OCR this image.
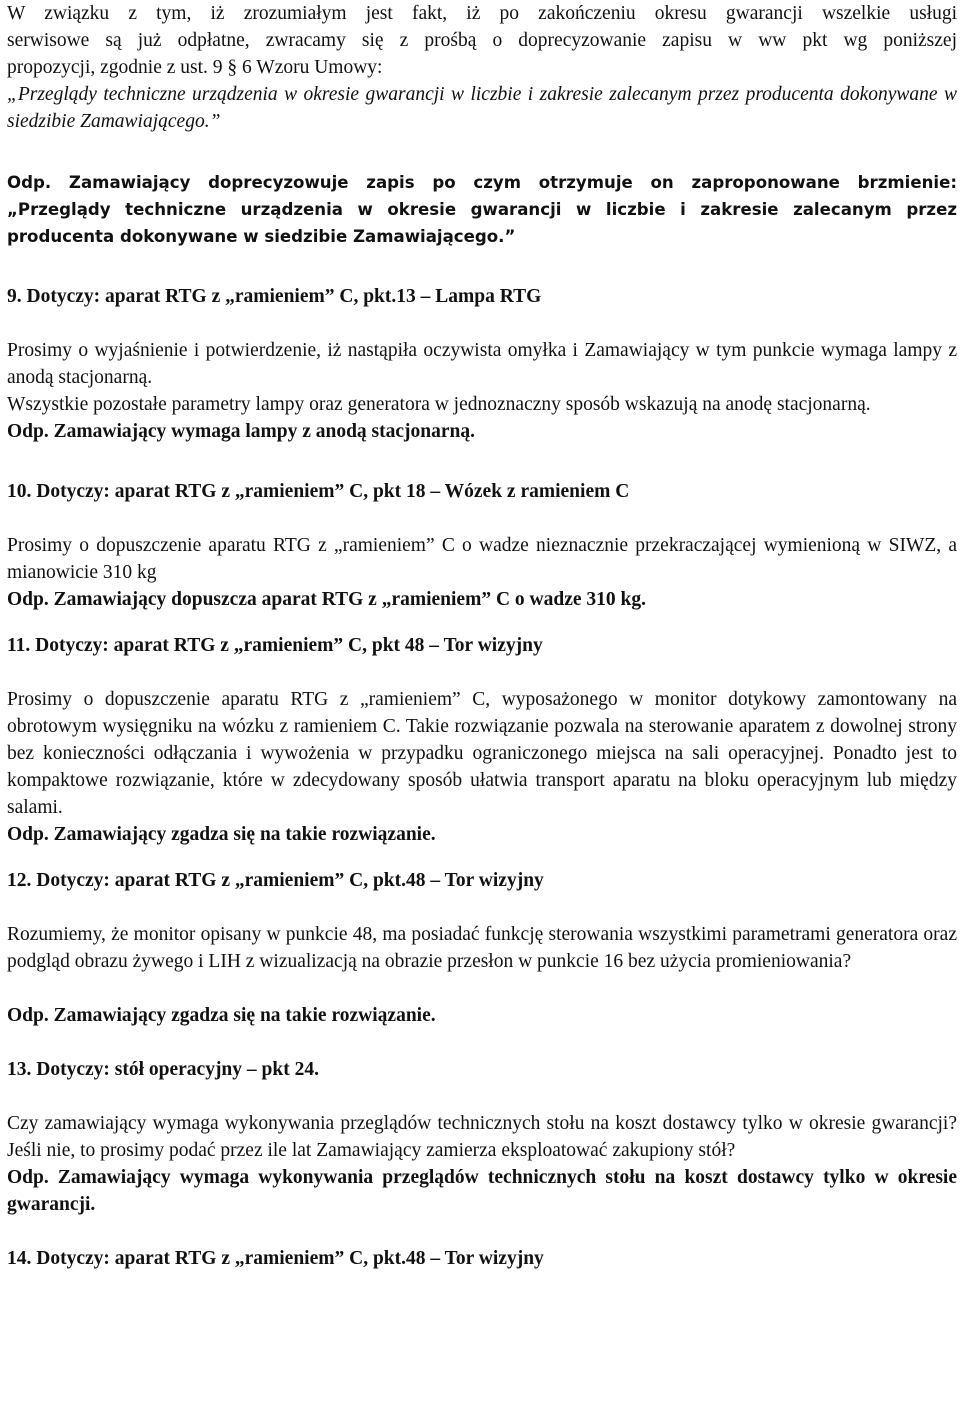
W związku z tym, iż zrozumiałym jest fakt, iż po zakończeniu okresu gwarancji wszelkie usługi
serwisowe są już odpłatne, zwracamy się z prośbą o doprecyzowanie zapisu w ww pkt wg poniższej
propozycji, zgodnie z ust. 9 § 6 Wzoru Umowy:

„Przeglądy techniczne urządzenia w okresie gwarancji w liczbie i zakresie zalecanym przez producenta dokonywane w siedzibie Zamawiającego.”

Odp. Zamawiający doprecyzowuje zapis po czym otrzymuje on zaproponowane brzmienie: „Przeglądy techniczne urządzenia w okresie gwarancji w liczbie i zakresie zalecanym przez producenta dokonywane w siedzibie Zamawiającego.”

9. Dotyczy: aparat RTG z „ramieniem” C, pkt.13 – Lampa RTG

Prosimy o wyjaśnienie i potwierdzenie, iż nastąpiła oczywista omyłka i Zamawiający w tym punkcie wymaga lampy z anodą stacjonarną.

Wszystkie pozostałe parametry lampy oraz generatora w jednoznaczny sposób wskazują na anodę stacjonarną.

Odp. Zamawiający wymaga lampy z anodą stacjonarną.

10. Dotyczy: aparat RTG z „ramieniem” C, pkt 18 – Wózek z ramieniem C

Prosimy o dopuszczenie aparatu RTG z „ramieniem” C o wadze nieznacznie przekraczającej wymienioną w SIWZ, a mianowicie 310 kg

Odp. Zamawiający dopuszcza aparat RTG z „ramieniem” C o wadze 310 kg.

11. Dotyczy: aparat RTG z „ramieniem” C, pkt 48 – Tor wizyjny

Prosimy o dopuszczenie aparatu RTG z „ramieniem” C, wyposażonego w monitor dotykowy zamontowany na obrotowym wysięgniku na wózku z ramieniem C. Takie rozwiązanie pozwala na sterowanie aparatem z dowolnej strony bez konieczności odłączania i wywożenia w przypadku ograniczonego miejsca na sali operacyjnej. Ponadto jest to kompaktowe rozwiązanie, które w zdecydowany sposób ułatwia transport aparatu na bloku operacyjnym lub między salami.

Odp. Zamawiający zgadza się na takie rozwiązanie.

12. Dotyczy: aparat RTG z „ramieniem” C, pkt.48 – Tor wizyjny

Rozumiemy, że monitor opisany w punkcie 48, ma posiadać funkcję sterowania wszystkimi parametrami generatora oraz podgląd obrazu żywego i LIH z wizualizacją na obrazie przesłon w punkcie 16 bez użycia promieniowania?

Odp. Zamawiający zgadza się na takie rozwiązanie.

13. Dotyczy: stół operacyjny – pkt 24.

Czy zamawiający wymaga wykonywania przeglądów technicznych stołu na koszt dostawcy tylko w okresie gwarancji? Jeśli nie, to prosimy podać przez ile lat Zamawiający zamierza eksploatować zakupiony stół?

Odp. Zamawiający wymaga wykonywania przeglądów technicznych stołu na koszt dostawcy tylko w okresie gwarancji.

14. Dotyczy: aparat RTG z „ramieniem” C, pkt.48 – Tor wizyjny
